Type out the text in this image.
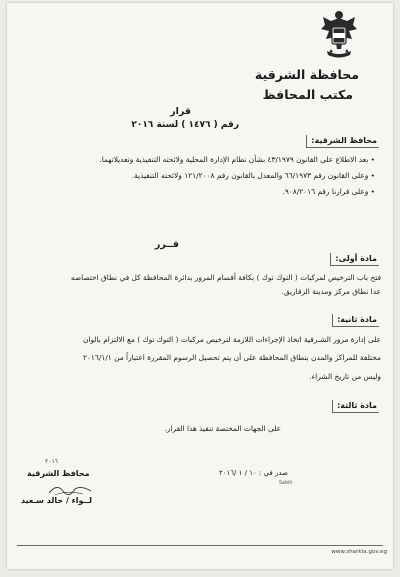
محافظة الشرقية
مكتب المحافظ
قرار
رقم ( ١٤٧٦ ) لسنة ٢٠١٦
محافظ الشرقية:
• بعد الاطلاع على القانون ٤٣/١٩٧٩ بشأن نظام الإدارة المحلية ولائحته التنفيذية وتعديلاتهما.
• وعلى القانون رقم ٦٦/١٩٧٣ والمعدل بالقانون رقم ١٢١/٢٠٠٨ ولائحته التنفيذية.
• وعلى قرارنا رقم ٩٠٨/٢٠١٦.
قــرر
مادة أولى:
فتح باب الترخيص لمركبات ( التوك توك ) بكافة أقسام المرور بدائرة المحافظة كل في نطاق اختصاصه
عدا نطاق مركز ومدينة الزقازيق.
مادة ثانية:
على إدارة مرور الشـرقية اتخاذ الإجراءات اللازمة لترخيص مركبات ( التوك توك ) مع الالتزام بالوان
مختلفة للمراكز والمدن بنطاق المحافظة على أن يتم تحصيل الرسوم المقررة اعتباراً من ٢٠١٦/١/١
وليس من تاريخ الشراء.
مادة ثالثة:
على الجهات المختصة تنفيذ هذا القرار.
صدر في : ١٠ / ١ /٢٠١٦
Sabih
٢٠١٦
محافظ الشرقية
لــواء / خالد سـعيد
www.sharkia.gov.eg
